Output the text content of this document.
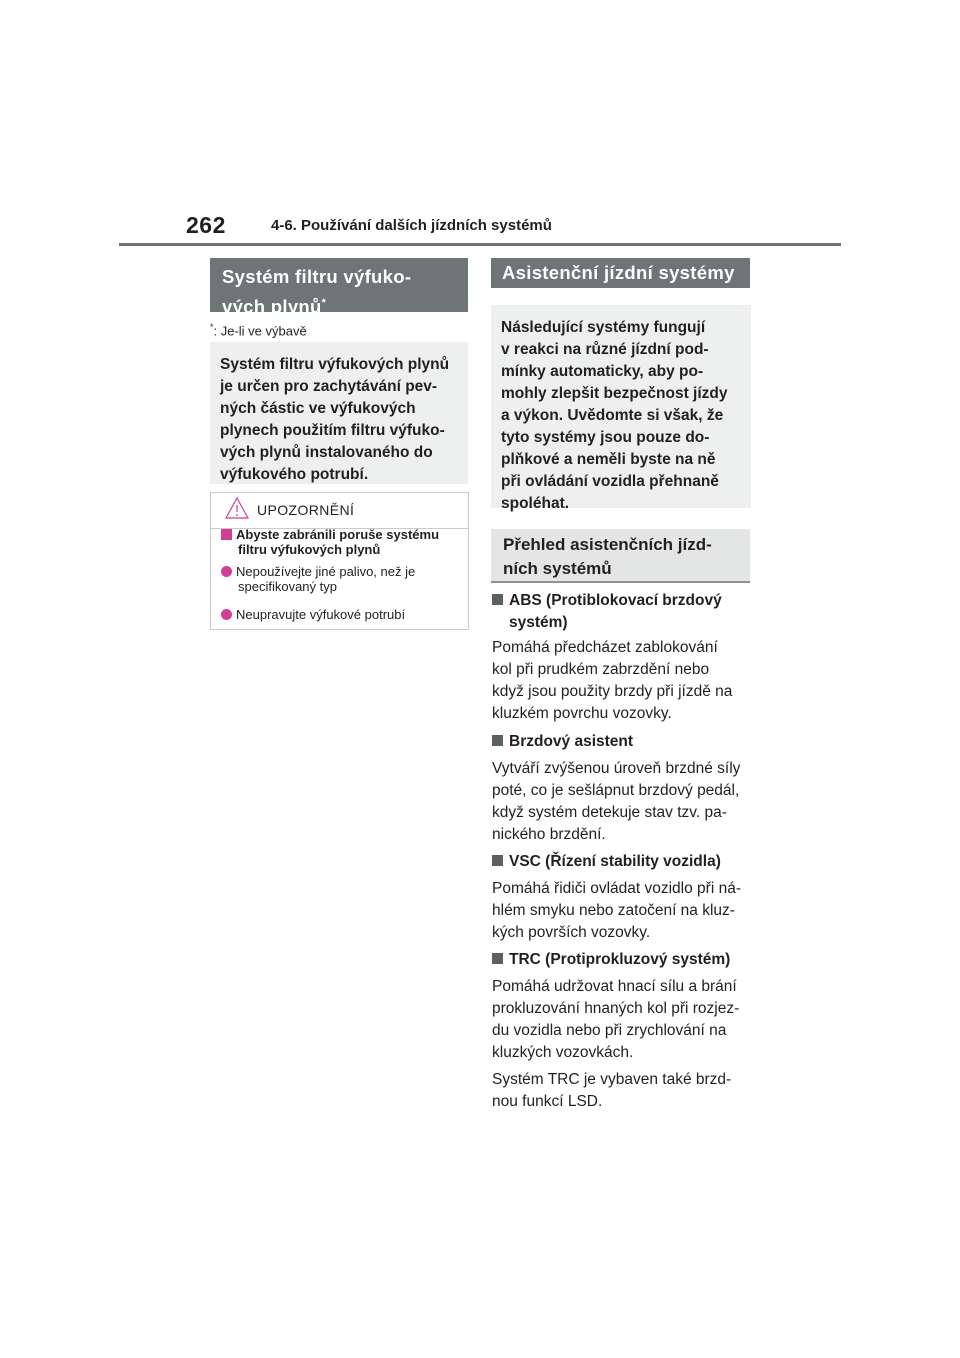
262	4-6. Používání dalších jízdních systémů
Systém filtru výfuko-
vých plynů*
*: Je-li ve výbavě
Systém filtru výfukových plynů
je určen pro zachytávání pev-
ných částic ve výfukových
plynech použitím filtru výfuko-
vých plynů instalovaného do
výfukového potrubí.
UPOZORNĚNÍ
Abyste zabránili poruše systému
filtru výfukových plynů
Nepoužívejte jiné palivo, než je
specifikovaný typ
Neupravujte výfukové potrubí
Asistenční jízdní systémy
Následující systémy fungují
v reakci na různé jízdní pod-
mínky automaticky, aby po-
mohly zlepšit bezpečnost jízdy
a výkon. Uvědomte si však, že
tyto systémy jsou pouze do-
plňkové a neměli byste na ně
při ovládání vozidla přehnaně
spoléhat.
Přehled asistenčních jízd-
ních systémů
ABS (Protiblokovací brzdový
systém)
Pomáhá předcházet zablokování
kol při prudkém zabrzdění nebo
když jsou použity brzdy při jízdě na
kluzkém povrchu vozovky.
Brzdový asistent
Vytváří zvýšenou úroveň brzdné síly
poté, co je sešlápnut brzdový pedál,
když systém detekuje stav tzv. pa-
nického brzdění.
VSC (Řízení stability vozidla)
Pomáhá řidiči ovládat vozidlo při ná-
hlém smyku nebo zatočení na kluz-
kých površích vozovky.
TRC (Protiprokluzový systém)
Pomáhá udržovat hnací sílu a brání
prokluzování hnaných kol při rozjez-
du vozidla nebo při zrychlování na
kluzkých vozovkách.
Systém TRC je vybaven také brzd-
nou funkcí LSD.
